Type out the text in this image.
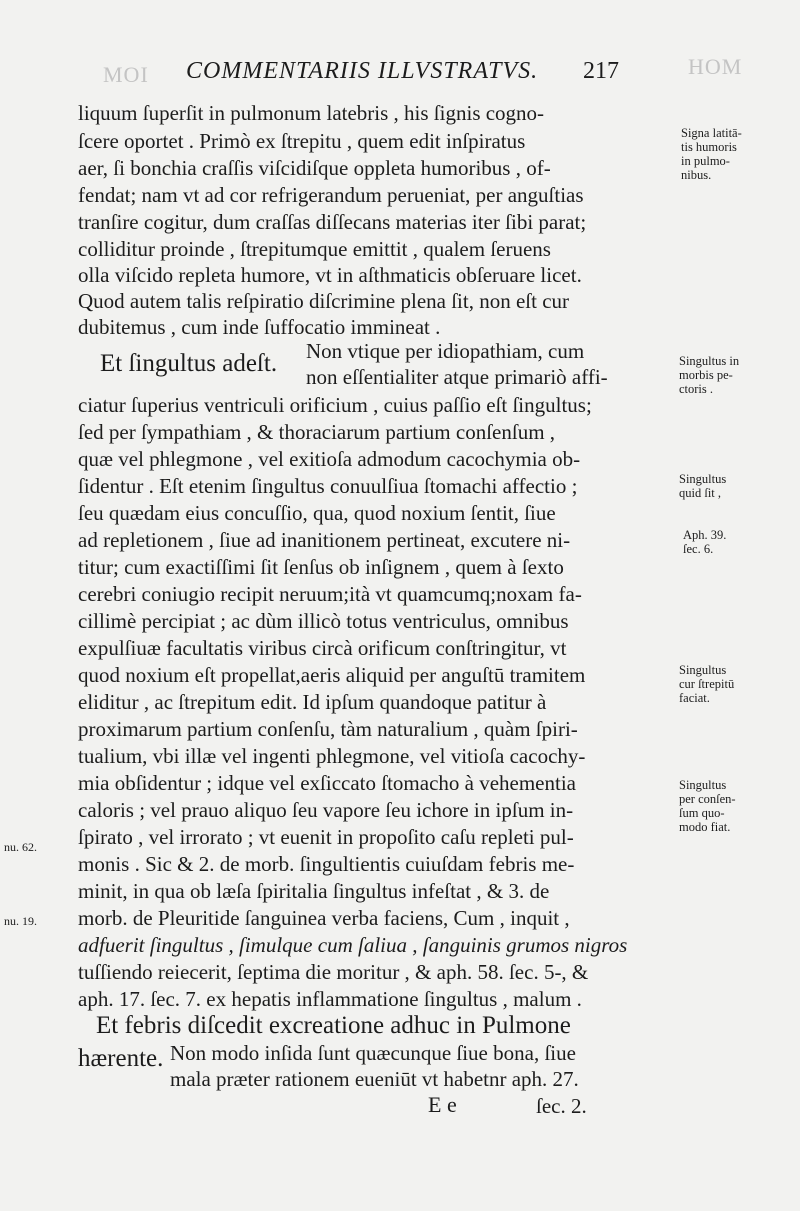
MOI	HOM
COMMENTARIIS ILLVSTRATVS. 217
liquum ſuperſit in pulmonum latebris , his ſignis cogno-
ſcere oportet . Primò ex ſtrepitu , quem edit inſpiratus
aer, ſi bonchia craſſis viſcidiſque oppleta humoribus , of-
fendat; nam vt ad cor refrigerandum perueniat, per anguſtias
tranſire cogitur, dum craſſas diſſecans materias iter ſibi parat;
colliditur proinde , ſtrepitumque emittit , qualem ſeruens
olla viſcido repleta humore, vt in aſthmaticis obſeruare licet.
Quod autem talis reſpiratio diſcrimine plena ſit, non eſt cur
dubitemus , cum inde ſuffocatio immineat .
Et ſingultus adeſt. Non vtique per idiopathiam, cum
non eſſentialiter atque primariò affi-
ciatur ſuperius ventriculi orificium , cuius paſſio eſt ſingultus;
ſed per ſympathiam , & thoraciarum partium conſenſum ,
quæ vel phlegmone , vel exitioſa admodum cacochymia ob-
ſidentur . Eſt etenim ſingultus conuulſiua ſtomachi affectio ;
ſeu quædam eius concuſſio, qua, quod noxium ſentit, ſiue
ad repletionem , ſiue ad inanitionem pertineat, excutere ni-
titur; cum exactiſſimi ſit ſenſus ob inſignem , quem à ſexto
cerebri coniugio recipit neruum;ità vt quamcumq;noxam fa-
cillimè percipiat ; ac dùm illicò totus ventriculus, omnibus
expulſiuæ facultatis viribus circà orificum conſtringitur, vt
quod noxium eſt propellat,aeris aliquid per anguſtū tramitem
eliditur , ac ſtrepitum edit. Id ipſum quandoque patitur à
proximarum partium conſenſu, tàm naturalium , quàm ſpiri-
tualium, vbi illæ vel ingenti phlegmone, vel vitioſa cacochy-
mia obſidentur ; idque vel exſiccato ſtomacho à vehementia
caloris ; vel prauo aliquo ſeu vapore ſeu ichore in ipſum in-
ſpirato , vel irrorato ; vt euenit in propoſito caſu repleti pul-
monis . Sic & 2. de morb. ſingultientis cuiuſdam febris me-
minit, in qua ob læſa ſpiritalia ſingultus infeſtat , & 3. de
morb. de Pleuritide ſanguinea verba faciens, Cum , inquit ,
adfuerit ſingultus , ſimulque cum ſaliua , ſanguinis grumos nigros
tuſſiendo reiecerit, ſeptima die moritur , & aph. 58. ſec. 5-, &
aph. 17. ſec. 7. ex hepatis inflammatione ſingultus , malum .
Et febris diſcedit excreatione adhuc in Pulmone
hærente. Non modo inſida ſunt quæcunque ſiue bona, ſiue
mala præter rationem eueniūt vt habetnr aph. 27.
E e	ſec. 2.
Signa latitā-
tis humoris
in pulmo-
nibus.
Singultus in
morbis pe-
ctoris .
Singultus
quid ſit ,
Aph. 39.
ſec. 6.
Singultus
cur ſtrepitū
faciat.
Singultus
per conſen-
ſum quo-
modo fiat.
nu. 62.
nu. 19.
